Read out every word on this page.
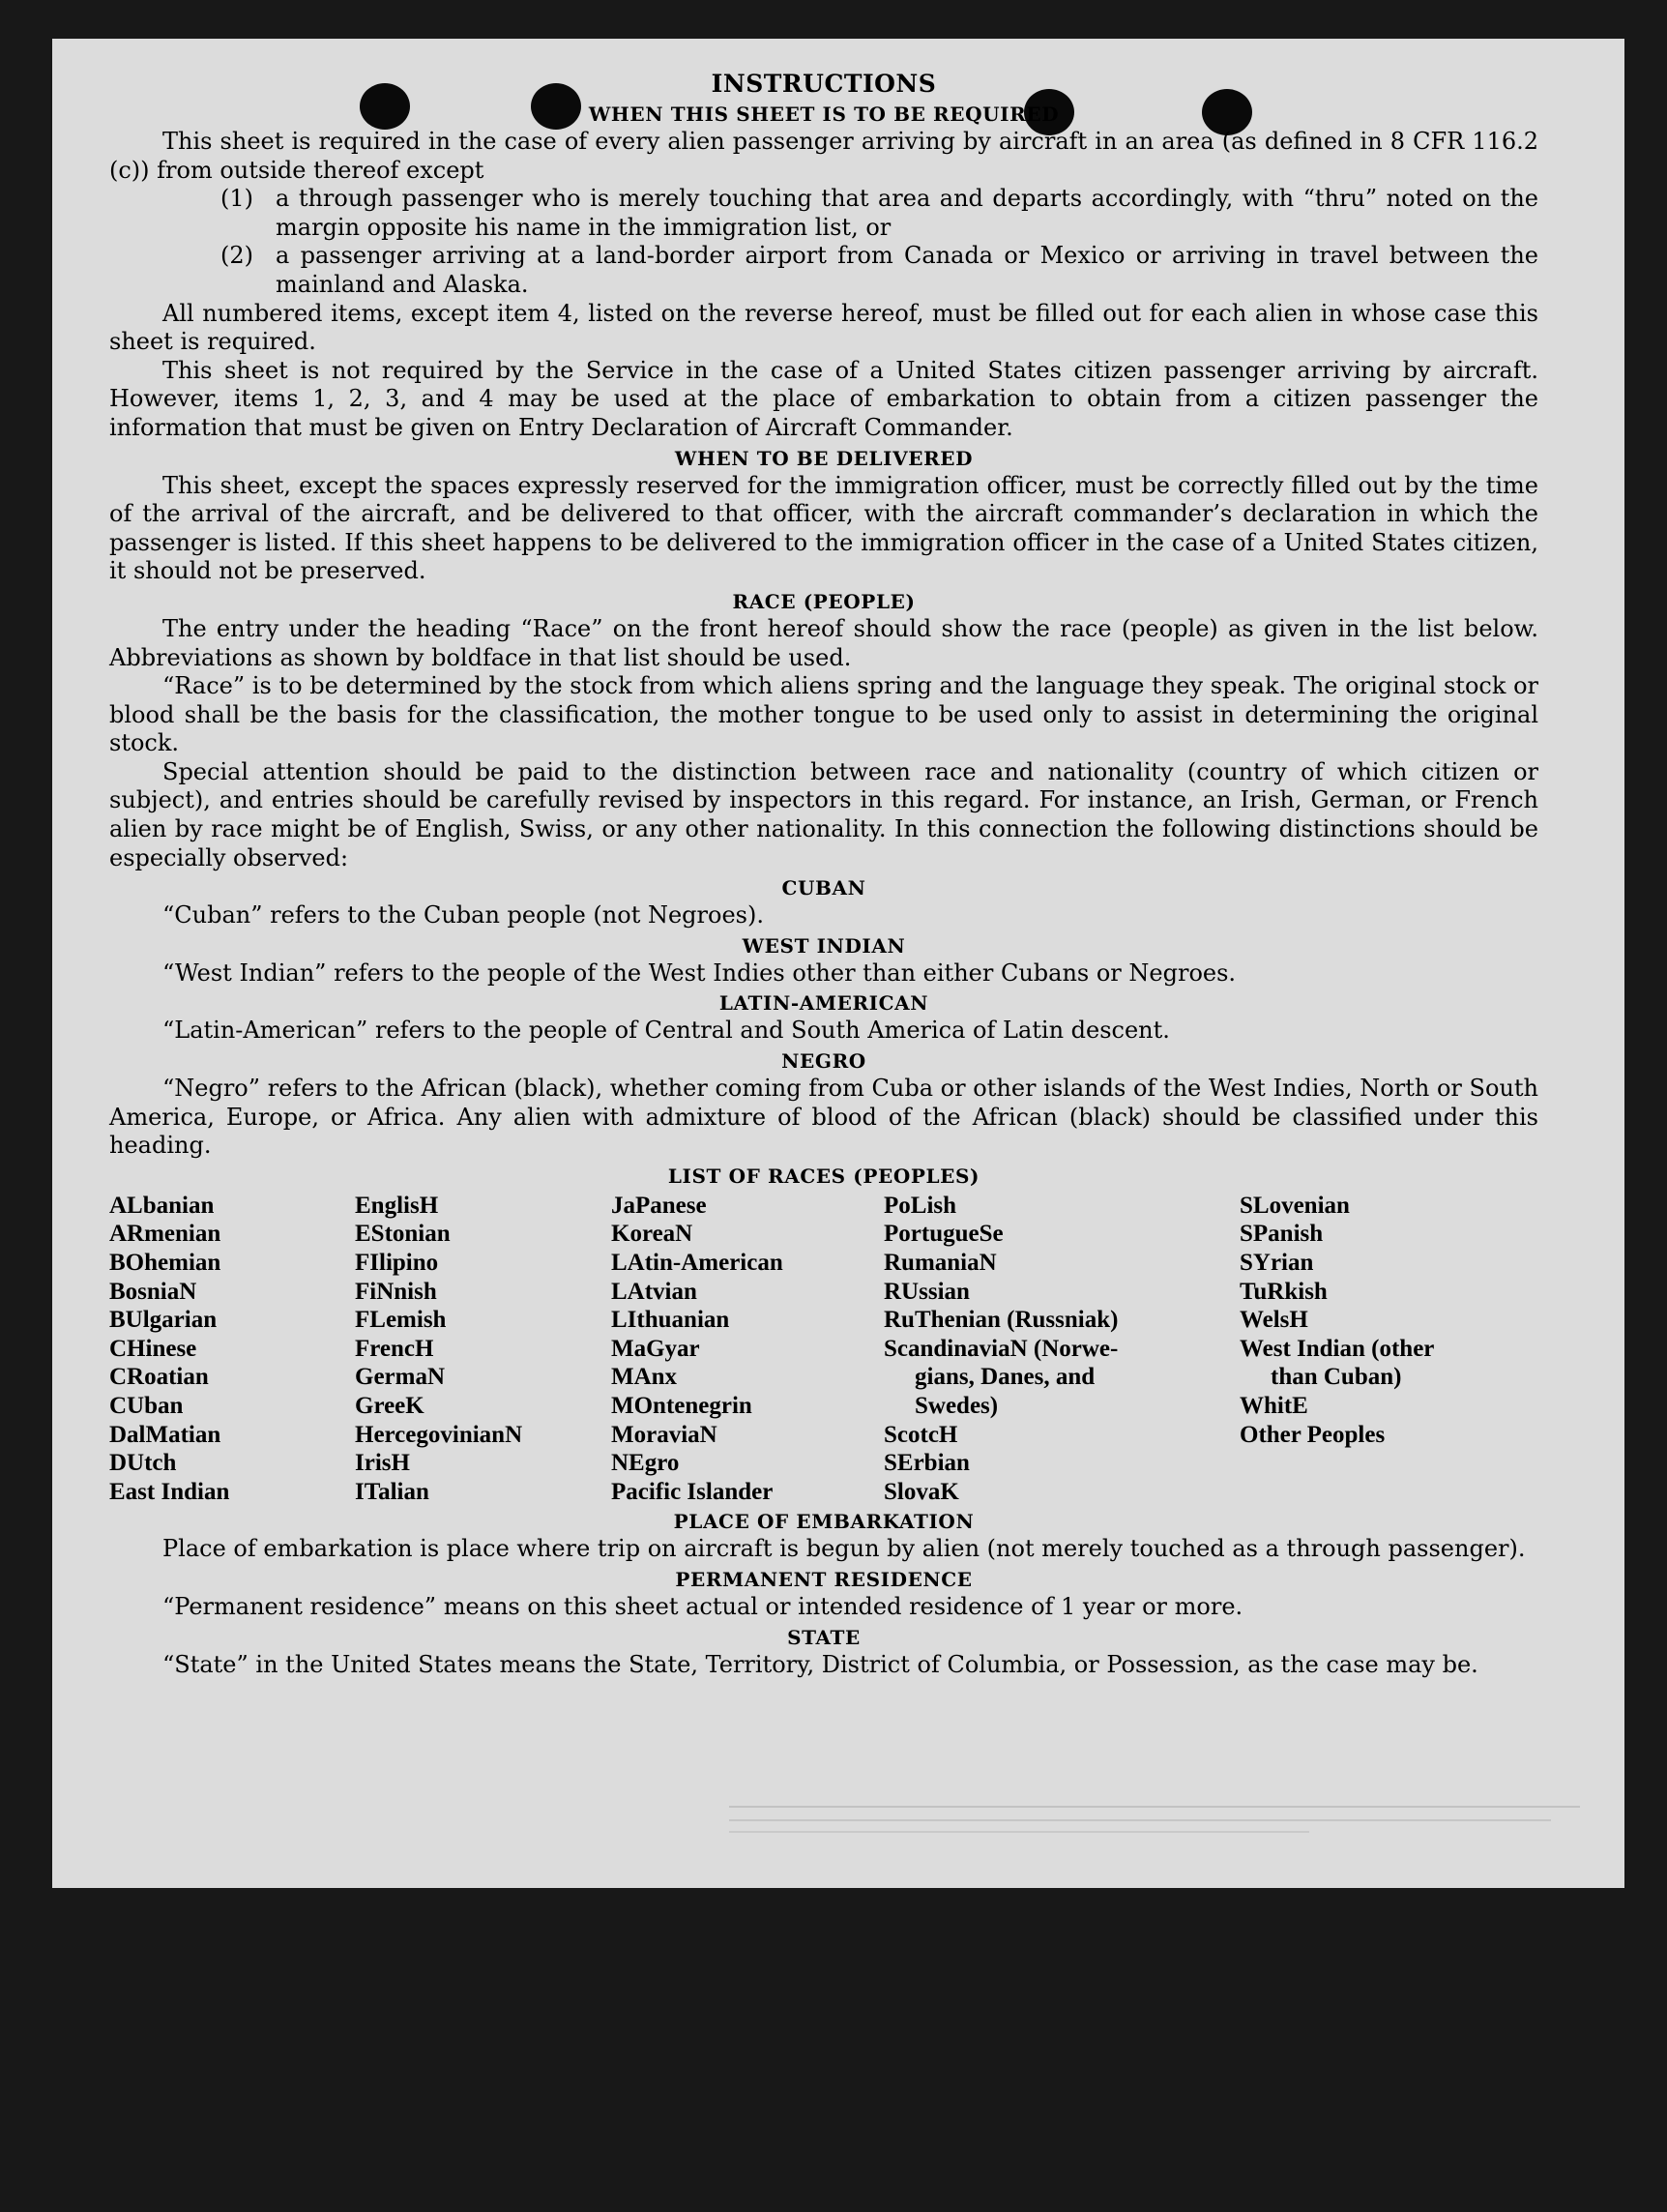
INSTRUCTIONS
WHEN THIS SHEET IS TO BE REQUIRED

This sheet is required in the case of every alien passenger arriving by aircraft in an area (as defined in 8 CFR 116.2 (c)) from outside thereof except

(1) a through passenger who is merely touching that area and departs accordingly, with “thru” noted on the margin opposite his name in the immigration list, or

(2) a passenger arriving at a land-border airport from Canada or Mexico or arriving in travel between the mainland and Alaska.

All numbered items, except item 4, listed on the reverse hereof, must be filled out for each alien in whose case this sheet is required.

This sheet is not required by the Service in the case of a United States citizen passenger arriving by aircraft. However, items 1, 2, 3, and 4 may be used at the place of embarkation to obtain from a citizen passenger the information that must be given on Entry Declaration of Aircraft Commander.

WHEN TO BE DELIVERED

This sheet, except the spaces expressly reserved for the immigration officer, must be correctly filled out by the time of the arrival of the aircraft, and be delivered to that officer, with the aircraft commander’s declaration in which the passenger is listed. If this sheet happens to be delivered to the immigration officer in the case of a United States citizen, it should not be preserved.

RACE (PEOPLE)

The entry under the heading “Race” on the front hereof should show the race (people) as given in the list below. Abbreviations as shown by boldface in that list should be used.

“Race” is to be determined by the stock from which aliens spring and the language they speak. The original stock or blood shall be the basis for the classification, the mother tongue to be used only to assist in determining the original stock.

Special attention should be paid to the distinction between race and nationality (country of which citizen or subject), and entries should be carefully revised by inspectors in this regard. For instance, an Irish, German, or French alien by race might be of English, Swiss, or any other nationality. In this connection the following distinctions should be especially observed:

CUBAN

“Cuban” refers to the Cuban people (not Negroes).

WEST INDIAN

“West Indian” refers to the people of the West Indies other than either Cubans or Negroes.

LATIN-AMERICAN

“Latin-American” refers to the people of Central and South America of Latin descent.

NEGRO

“Negro” refers to the African (black), whether coming from Cuba or other islands of the West Indies, North or South America, Europe, or Africa. Any alien with admixture of blood of the African (black) should be classified under this heading.

LIST OF RACES (PEOPLES)
ALbanian
ARmenian
BOhemian
BosniaN
BUlgarian
CHinese
CRoatian
CUban
DalMatian
DUtch
East Indian
EnglisH
EStonian
FIlipino
FiNnish
FLemish
FrencH
GermaN
GreeK
HercegovinianN
IrisH
ITalian
JaPanese
KoreaN
LAtin-American
LAtvian
LIthuanian
MaGyar
MAnx
MOntenegrin
MoraviaN
NEgro
Pacific Islander
PoLish
PortugueSe
RumaniaN
RUssian
RuThenian (Russniak)
ScandinaviaN (Norwe-
gians, Danes, and
Swedes)
ScotcH
SErbian
SlovaK
SLovenian
SPanish
SYrian
TuRkish
WelsH
West Indian (other
than Cuban)
WhitE
Other Peoples
PLACE OF EMBARKATION

Place of embarkation is place where trip on aircraft is begun by alien (not merely touched as a through passenger).

PERMANENT RESIDENCE

“Permanent residence” means on this sheet actual or intended residence of 1 year or more.

STATE

“State” in the United States means the State, Territory, District of Columbia, or Possession, as the case may be.
